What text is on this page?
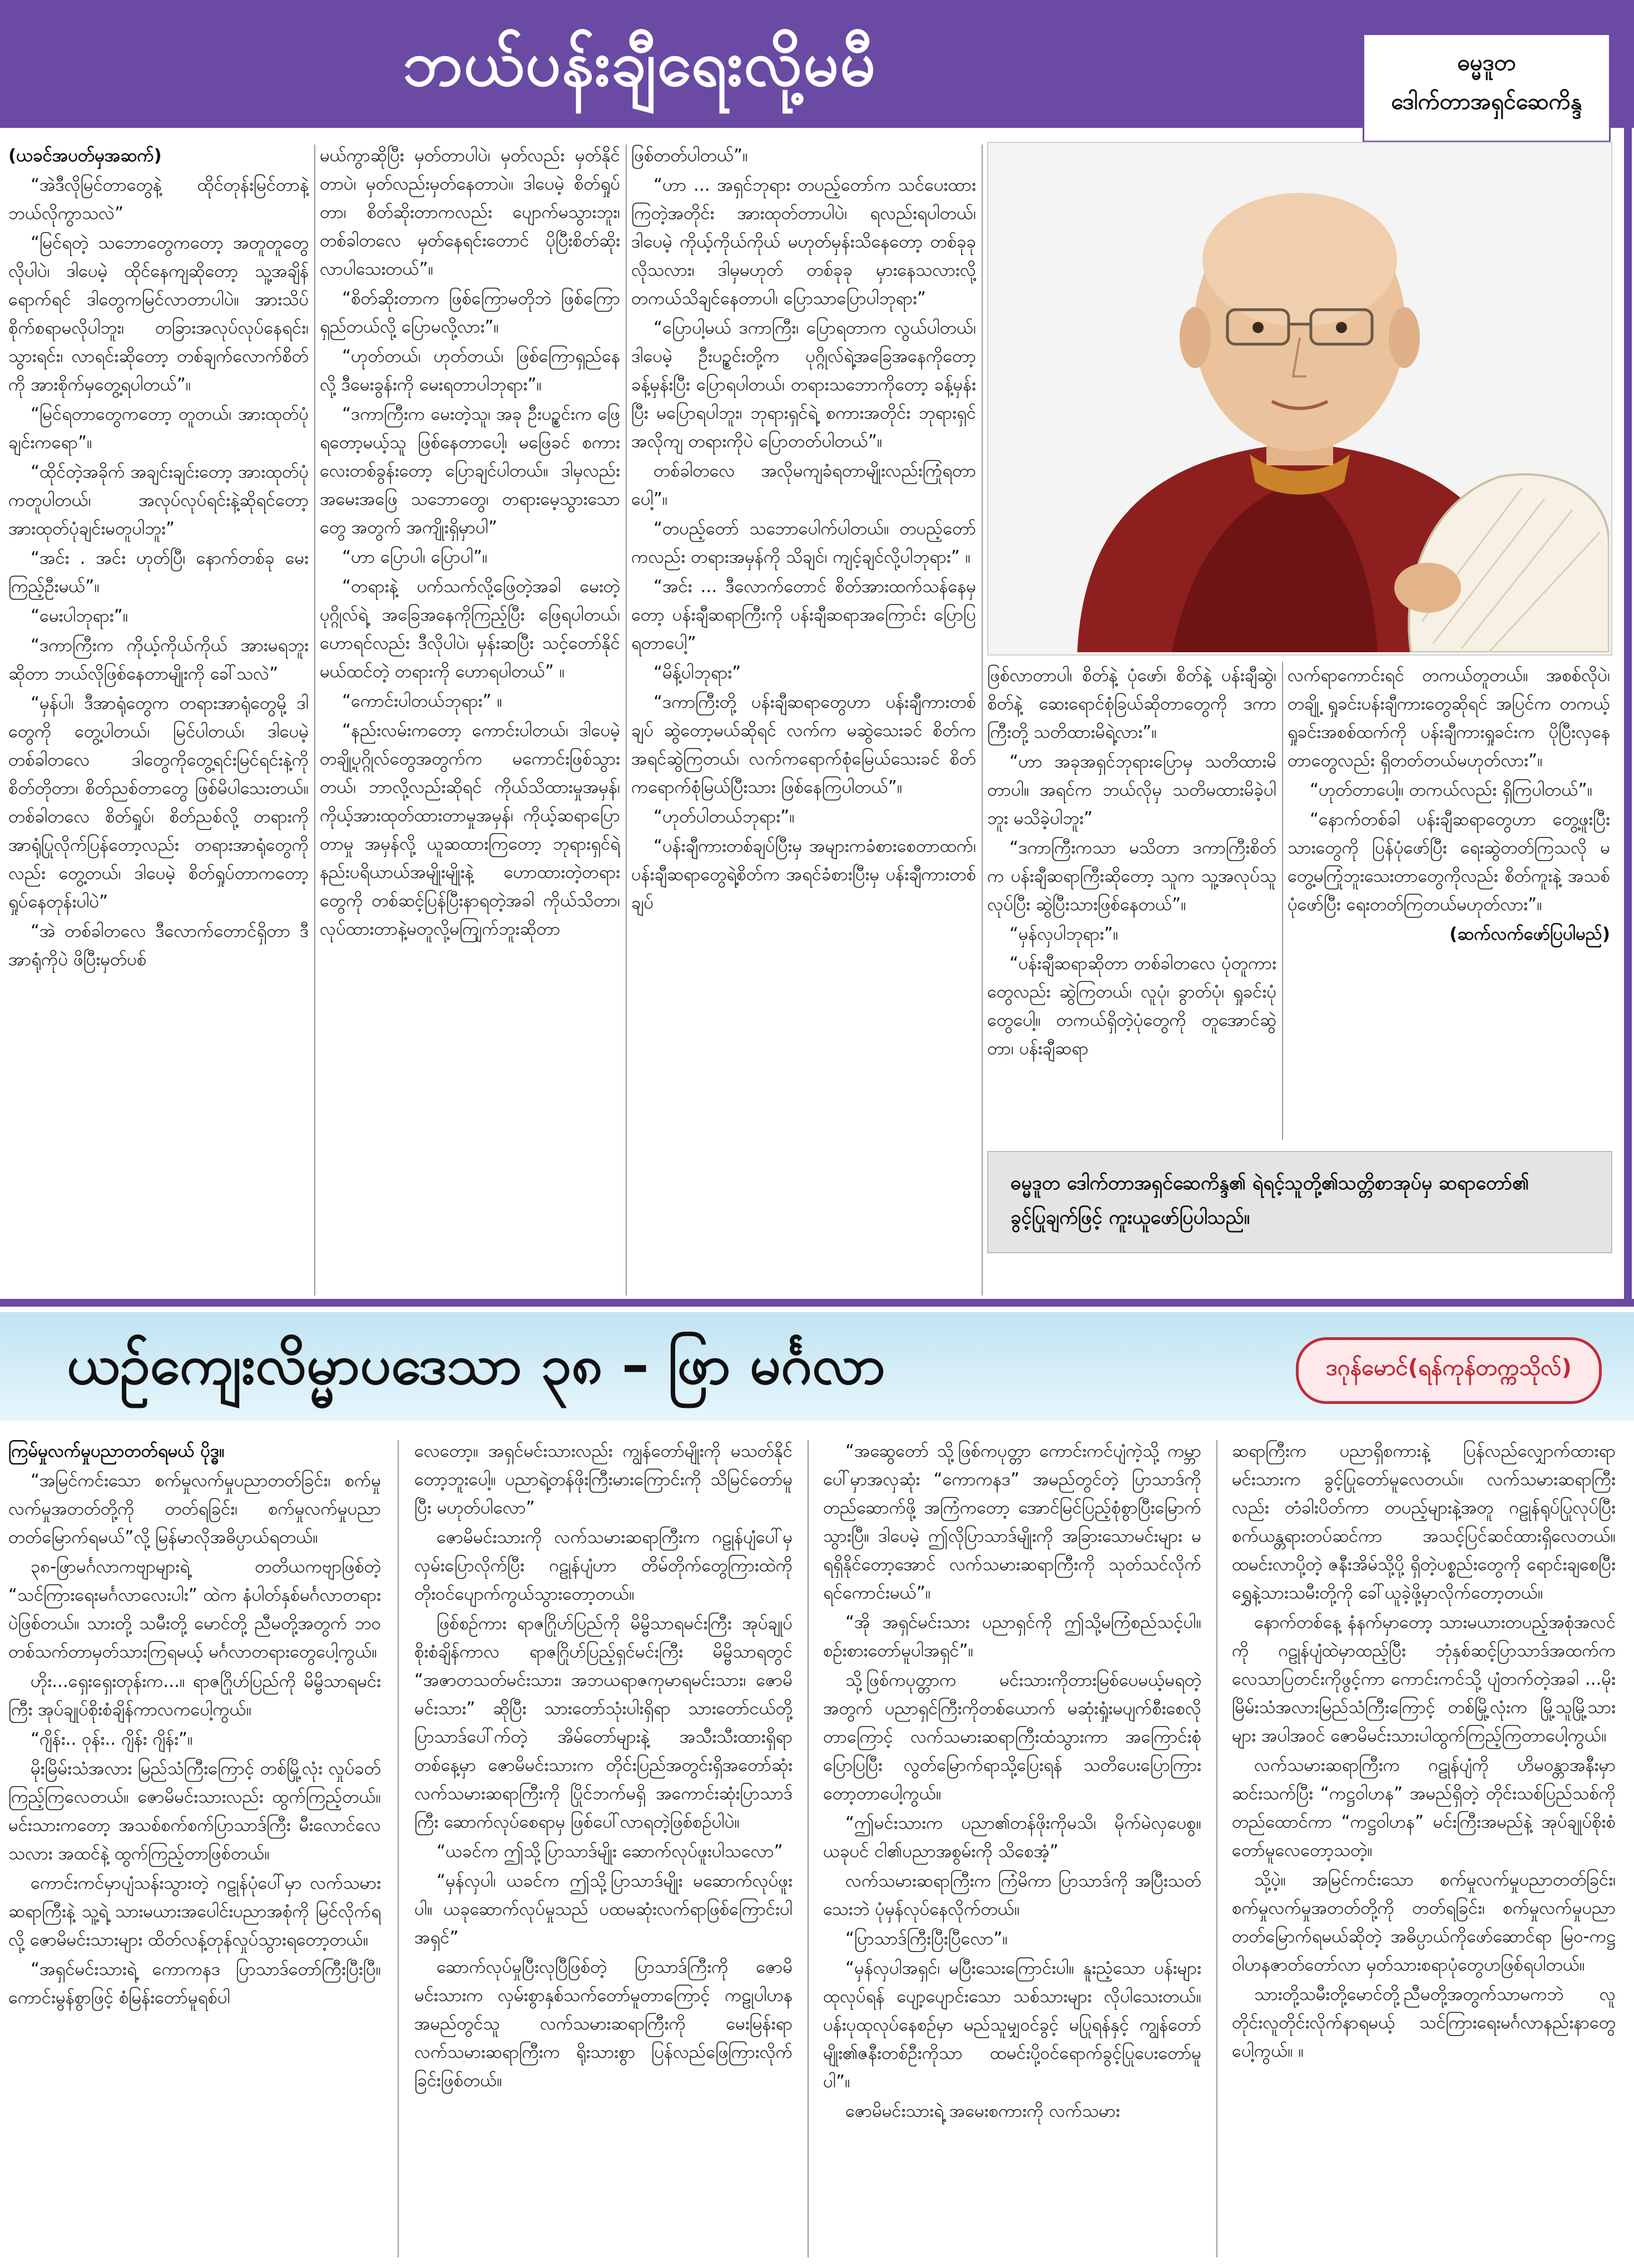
ဘယ်ပန်းချီရေးလို့မမီ	ဓမ္မဒူတ
ဒေါက်တာအရှင်ဆေကိန္ဒ

(ယခင်အပတ်မှအဆက်)

“အဲဒီလိုမြင်တာတွေနဲ့ ထိုင်တုန်းမြင်တာနဲ့ ဘယ်လိုကွာသလဲ”

“မြင်ရတဲ့ သဘောတွေကတော့ အတူတူတွေလိုပါပဲ၊ ဒါပေမဲ့ ထိုင်နေကျဆိုတော့ သူ့အချိန်ရောက်ရင် ဒါတွေကမြင်လာတာပါပဲ။ အားသိပ်စိုက်စရာမလိုပါဘူး၊ တခြားအလုပ်လုပ်နေရင်း၊ သွားရင်း၊ လာရင်းဆိုတော့ တစ်ချက်လောက်စိတ်ကို အားစိုက်မှတွေ့ရပါတယ်”။

“မြင်ရတာတွေကတော့ တူတယ်၊ အားထုတ်ပုံချင်းကရော”။

“ထိုင်တဲ့အခိုက် အချင်းချင်းတော့ အားထုတ်ပုံကတူပါတယ်၊ အလုပ်လုပ်ရင်းနဲ့ဆိုရင်တော့ အားထုတ်ပုံချင်းမတူပါဘူး”

“အင်း . အင်း ဟုတ်ပြီ၊ နောက်တစ်ခု မေးကြည့်ဦးမယ်”။

“မေးပါဘုရား”။

“ဒကာကြီးက ကိုယ့်ကိုယ်ကိုယ် အားမရဘူးဆိုတာ ဘယ်လိုဖြစ်နေတာမျိုးကို ခေါ်သလဲ”

“မှန်ပါ၊ ဒီအာရုံတွေက တရားအာရုံတွေမို့ ဒါတွေကို တွေ့ပါတယ်၊ မြင်ပါတယ်၊ ဒါပေမဲ့ တစ်ခါတလေ ဒါတွေကိုတွေ့ရင်းမြင်ရင်းနဲ့ကို စိတ်တိုတာ၊ စိတ်ညစ်တာတွေ ဖြစ်မိပါသေးတယ်။ တစ်ခါတလေ စိတ်ရှုပ်၊ စိတ်ညစ်လို့ တရားကို အာရုံပြုလိုက်ပြန်တော့လည်း တရားအာရုံတွေကိုလည်း တွေ့တယ်၊ ဒါပေမဲ့ စိတ်ရှုပ်တာကတော့ ရှုပ်နေတုန်းပါပဲ”

“အဲ တစ်ခါတလေ ဒီလောက်တောင်ရှိတာ ဒီအာရုံကိုပဲ ဖိပြီးမှတ်ပစ်

မယ်ကွာဆိုပြီး မှတ်တာပါပဲ၊ မှတ်လည်း မှတ်နိုင်တာပဲ၊ မှတ်လည်းမှတ်နေတာပဲ။ ဒါပေမဲ့ စိတ်ရှုပ်တာ၊ စိတ်ဆိုးတာကလည်း ပျောက်မသွားဘူး၊ တစ်ခါတလေ မှတ်နေရင်းတောင် ပိုပြီးစိတ်ဆိုးလာပါသေးတယ်”။

“စိတ်ဆိုးတာက ဖြစ်ကြောမတိုဘဲ ဖြစ်ကြောရှည်တယ်လို့ ပြောမလို့လား”။

“ဟုတ်တယ်၊ ဟုတ်တယ်၊ ဖြစ်ကြောရှည်နေလို့ ဒီမေးခွန်းကို မေးရတာပါဘုရား”။

“ဒကာကြီးက မေးတဲ့သူ၊ အခု ဦးပဉ္စင်းက ဖြေရတော့မယ့်သူ ဖြစ်နေတာပေါ့၊ မဖြေခင် စကားလေးတစ်ခွန်းတော့ ပြောချင်ပါတယ်။ ဒါမှလည်း အမေးအဖြေ သဘောတွေ၊ တရားမေ့သွားသောတွေ အတွက် အကျိုးရှိမှာပါ”

“ဟာ ပြောပါ၊ ပြောပါ”။

“တရားနဲ့ ပက်သက်လို့ဖြေတဲ့အခါ မေးတဲ့ပုဂ္ဂိုလ်ရဲ့ အခြေအနေကိုကြည့်ပြီး ဖြေရပါတယ်၊ ဟောရင်လည်း ဒီလိုပါပဲ၊ မှန်းဆပြီး သင့်တော်နိုင်မယ်ထင်တဲ့ တရားကို ဟောရပါတယ်” ။

“ကောင်းပါတယ်ဘုရား” ။

“နည်းလမ်းကတော့ ကောင်းပါတယ်၊ ဒါပေမဲ့ တချို့ပုဂ္ဂိုလ်တွေအတွက်က မကောင်းဖြစ်သွားတယ်၊ ဘာလို့လည်းဆိုရင် ကိုယ်သိထားမှုအမှန်၊ ကိုယ့်အားထုတ်ထားတာမှုအမှန်၊ ကိုယ့်ဆရာပြောတာမှု အမှန်လို့ ယူဆထားကြတော့ ဘုရားရှင်ရဲ့ နည်းပရိယာယ်အမျိုးမျိုးနဲ့ ဟောထားတဲ့တရားတွေကို တစ်ဆင့်ပြန်ပြီးနာရတဲ့အခါ ကိုယ်သိတာ၊ လုပ်ထားတာနဲ့မတူလို့မကျြက်ဘူးဆိုတာ

ဖြစ်တတ်ပါတယ်”။

“ဟာ ... အရှင်ဘုရား တပည့်တော်က သင်ပေးထားကြတဲ့အတိုင်း အားထုတ်တာပါပဲ၊ ရလည်းရပါတယ်၊ ဒါပေမဲ့ ကိုယ့်ကိုယ်ကိုယ် မဟုတ်မှန်းသိနေတော့ တစ်ခုခုလိုသလား၊ ဒါမှမဟုတ် တစ်ခုခု မှားနေသလားလို့ တကယ်သိချင်နေတာပါ၊ ပြောသာပြောပါဘုရား”

“ပြောပါ့မယ် ဒကာကြီး၊ ပြောရတာက လွယ်ပါတယ်၊ ဒါပေမဲ့ ဦးပဉ္စင်းတို့က ပုဂ္ဂိုလ်ရဲ့အခြေအနေကိုတော့ ခန့်မှန်းပြီး ပြောရပါတယ်၊ တရားသဘောကိုတော့ ခန့်မှန်းပြီး မပြောရပါဘူး၊ ဘုရားရှင်ရဲ့ စကားအတိုင်း ဘုရားရှင်အလိုကျ တရားကိုပဲ ပြောတတ်ပါတယ်”။

တစ်ခါတလေ အလိုမကျခံရတာမျိုးလည်းကြုံရတာပေါ့”။

“တပည့်တော် သဘောပေါက်ပါတယ်။ တပည့်တော်ကလည်း တရားအမှန်ကို သိချင်၊ ကျင့်ချင်လို့ပါဘုရား” ။

“အင်း ... ဒီလောက်တောင် စိတ်အားထက်သန်နေမှတော့ ပန်းချီဆရာကြီးကို ပန်းချီဆရာအကြောင်း ပြောပြရတာပေါ့”

“မိန့်ပါဘုရား”

“ဒကာကြီးတို့ ပန်းချီဆရာတွေဟာ ပန်းချီကားတစ်ချပ် ဆွဲတော့မယ်ဆိုရင် လက်က မဆွဲသေးခင် စိတ်က အရင်ဆွဲကြတယ်၊ လက်ကရောက်စုံမြေယ်သေးခင် စိတ်ကရောက်စုံမြယ်ပြီးသား ဖြစ်နေကြပါတယ်”။

“ဟုတ်ပါတယ်ဘုရား”။

“ပန်းချီကားတစ်ချပ်ပြီးမှ အများကခံစားစေတာထက်၊ ပန်းချီဆရာတွေရဲ့စိတ်က အရင်ခံစားပြီးမှ ပန်းချီကားတစ်ချပ်

ဖြစ်လာတာပါ၊ စိတ်နဲ့ ပုံဖော်၊ စိတ်နဲ့ ပန်းချီဆွဲ၊ စိတ်နဲ့ ဆေးရောင်စုံခြယ်ဆိုတာတွေကို ဒကာကြီးတို့ သတိထားမိရဲ့လား”။

“ဟာ အခုအရှင်ဘုရားပြောမှ သတိထားမိတာပါ။ အရင်က ဘယ်လိုမှ သတိမထားမိခဲ့ပါဘူး မသိခဲ့ပါဘူး”

“ဒကာကြီးကသာ မသိတာ ဒကာကြီးစိတ်က ပန်းချီဆရာကြီးဆိုတော့ သူက သူ့အလုပ်သူလုပ်ပြီး ဆွဲပြီးသားဖြစ်နေတယ်”။

“မှန်လှပါဘုရား”။

“ပန်းချီဆရာဆိုတာ တစ်ခါတလေ ပုံတူကားတွေလည်း ဆွဲကြတယ်၊ လူပုံ၊ ခွာတ်ပုံ၊ ရှုခင်းပုံတွေပေါ့။ တကယ်ရှိတဲ့ပုံတွေကို တူအောင်ဆွဲတာ၊ ပန်းချီဆရာ

လက်ရာကောင်းရင် တကယ်တူတယ်။ အစစ်လိုပဲ၊ တချို့ ရှုခင်းပန်းချီကားတွေဆိုရင် အပြင်က တကယ့်ရှုခင်းအစစ်ထက်ကို ပန်းချီကားရှုခင်းက ပိုပြီးလှနေတာတွေလည်း ရှိတတ်တယ်မဟုတ်လား”။

“ဟုတ်တာပေါ့။ တကယ်လည်း ရှိကြပါတယ်”။

“နောက်တစ်ခါ ပန်းချီဆရာတွေဟာ တွေ့ဖူးပြီးသားတွေကို ပြန်ပုံဖော်ပြီး ရေးဆွဲတတ်ကြသလို မတွေ့မကြုံဘူးသေးတာတွေကိုလည်း စိတ်ကူးနဲ့ အသစ်ပုံဖော်ပြီး ရေးတတ်ကြတယ်မဟုတ်လား”။

(ဆက်လက်ဖော်ပြပါမည်)

ဓမ္မဒူတ ဒေါက်တာအရှင်ဆေကိန္ဒ၏ ရဲရင့်သူတို့၏သတ္တိစာအုပ်မှ ဆရာတော်၏ ခွင့်ပြုချက်ဖြင့် ကူးယူဖော်ပြပါသည်။
ယဉ်ကျေးလိမ္မာပဒေသာ ၃၈ – ဖြာ မင်္ဂလာ	ဒဂုန်မောင်(ရန်ကုန်တက္ကသိုလ်)

ကြမ်မှုလက်မှုပညာတတ်ရမယ် ပိုဒ္ဓ။

“အမြင်ကင်းသော စက်မှုလက်မှုပညာတတ်ခြင်း၊ စက်မှုလက်မှုအတတ်တို့ကို တတ်ရခြင်း၊ စက်မှုလက်မှုပညာတတ်မြောက်ရမယ်”လို့ မြန်မာလိုအဓိပ္ပာယ်ရတယ်။

၃၈-ဖြာမင်္ဂလာကဗျာများရဲ့ တတိယကဗျာဖြစ်တဲ့ “သင်ကြားရေးမင်္ဂလာလေးပါး” ထဲက နံပါတ်နှစ်မင်္ဂလာတရားပဲဖြစ်တယ်။ သားတို့ သမီးတို့ မောင်တို့ ညီမတို့အတွက် ဘဝတစ်သက်တာမှတ်သားကြရမယ့် မင်္ဂလာတရားတွေပေါ့ကွယ်။

ဟိုး...ရှေးရှေးတုန်းက...။ ရာဇဂြိုဟ်ပြည်ကို မိမ္ဗိသာရမင်းကြီး အုပ်ချုပ်စိုးစံချိန်ကာလကပေါ့ကွယ်။

“ဂျိန်း.. ဝုန်း.. ဂျိန်း ဂျိန်း”။

မိုးမြိမ်းသံအလား မြည်သံကြီးကြောင့် တစ်မြို့လုံး လှုပ်ခတ်ကြည့်ကြလေတယ်။ ဇောမိမင်းသားလည်း ထွက်ကြည့်တယ်။ မင်းသားကတော့ အသစ်စက်စက်ပြာသာဒ်ကြီး မီးလောင်လေသလား အထင်နဲ့ ထွက်ကြည့်တာဖြစ်တယ်။

ကောင်းကင်မှာပျံသန်းသွားတဲ့ ဂဠုန်ပုံပေါ်မှာ လက်သမားဆရာကြီးနဲ့ သူ့ရဲ့ သားမယားအပေါင်းပညာအစုံကို မြင်လိုက်ရလို့ ဇောမိမင်းသားများ ထိတ်လန့်တုန်လှုပ်သွားရတော့တယ်။

“အရှင်မင်းသားရဲ့ ကောကနဒ ပြာသာဒ်တော်ကြီးပြီးပြီ။ ကောင်းမွန်စွာဖြင့် စံမြန်းတော်မူရစ်ပါ

လေတော့။ အရှင်မင်းသားလည်း ကျွန်တော်မျိုးကို မသတ်နိုင်တော့ဘူးပေါ့။ ပညာရဲ့တန်ဖိုးကြီးမားကြောင်းကို သိမြင်တော်မူပြီး မဟုတ်ပါလော”

ဇောမိမင်းသားကို လက်သမားဆရာကြီးက ဂဠုန်ပျံပေါ်မှ လှမ်းပြောလိုက်ပြီး ဂဠုန်ပျံဟာ တိမ်တိုက်တွေကြားထဲကို တိုးဝင်ပျောက်ကွယ်သွားတော့တယ်။

ဖြစ်စဉ်ကား ရာဇဂြိုဟ်ပြည်ကို မိမ္ဗိသာရမင်းကြီး အုပ်ချုပ်စိုးစံချိန်ကာလ ရာဇဂြိုဟ်ပြည့်ရှင်မင်းကြီး မိမ္ဗိသာရတွင် “အဇာတသတ်မင်းသား၊ အဘယရာဇကုမာရမင်းသား၊ ဇောမိမင်းသား” ဆိုပြီး သားတော်သုံးပါးရှိရာ သားတော်ငယ်တို့ ပြာသာဒ်ပေါ်က်တဲ့ အိမ်တော်များနဲ့ အသီးသီးထားရှိရာ တစ်နေ့မှာ ဇောမိမင်းသားက တိုင်းပြည်အတွင်းရှိအတော်ဆုံးလက်သမားဆရာကြီးကို ပြိုင်ဘက်မရှိ အကောင်းဆုံးပြာသာဒ်ကြီး ဆောက်လုပ်စေရာမှ ဖြစ်ပေါ်လာရတဲ့ဖြစ်စဉ်ပါပဲ။

“ယခင်က ဤသို့ပြာသာဒ်မျိုး ဆောက်လုပ်ဖူးပါသလော”

“မှန်လှပါ၊ ယခင်က ဤသို့ပြာသာဒ်မျိုး မဆောက်လုပ်ဖူးပါ။ ယခုဆောက်လုပ်မှုသည် ပထမဆုံးလက်ရာဖြစ်ကြောင်းပါအရှင်”

ဆောက်လုပ်မှုပြီးလုပြီဖြစ်တဲ့ ပြာသာဒ်ကြီးကို ဇောမိမင်းသားက လှမ်းစွာနှစ်သက်တော်မူတာကြောင့် ကဠုပါဟနအမည်တွင်သူ လက်သမားဆရာကြီးကို မေးမြန်းရာ လက်သမားဆရာကြီးက ရိုးသားစွာ ပြန်လည်ဖြေကြားလိုက်ခြင်းဖြစ်တယ်။

“အဆွေတော် သို့ဖြစ်ကပုတ္တာ ကောင်းကင်ပျံကဲ့သို့ ကမ္ဘာပေါ်မှာအလှဆုံး “ကောကနဒ” အမည်တွင်တဲ့ ပြာသာဒ်ကိုတည်ဆောက်ဖို့ အကြံကတော့ အောင်မြင်ပြည့်စုံစွာပြီးမြောက်သွားပြီ။ ဒါပေမဲ့ ဤလိုပြာသာဒ်မျိုးကို အခြားသောမင်းများ မရရှိနိုင်တော့အောင် လက်သမားဆရာကြီးကို သုတ်သင်လိုက်ရင်ကောင်းမယ်”။

“အို အရှင်မင်းသား ပညာရှင်ကို ဤသို့မကြံစည်သင့်ပါ။ စဉ်းစားတော်မူပါအရှင်”။

သို့ဖြစ်ကပုတ္တာက မင်းသားကိုတားမြစ်ပေမယ့်မရတဲ့အတွက် ပညာရှင်ကြီးကိုတစ်ယောက် မဆုံးရှုံးမပျက်စီးစေလိုတာကြောင့် လက်သမားဆရာကြီးထံသွားကာ အကြောင်းစုံပြောပြပြီး လွတ်မြောက်ရာသို့ပြေးရန် သတိပေးပြောကြားတော့တာပေါ့ကွယ်။

“ဤမင်းသားက ပညာ၏တန်ဖိုးကိုမသိ၊ မိုက်မဲလှပေစွ။ ယခုပင် ငါ၏ပညာအစွမ်းကို သိစေအံ့”

လက်သမားဆရာကြီးက ကြံမိကာ ပြာသာဒ်ကို အပြီးသတ်သေးဘဲ ပုံမှန်လုပ်နေလိုက်တယ်။

“ပြာသာဒ်ကြီးပြီးပြီလော”။

“မှန်လှပါအရှင်၊ မပြီးသေးကြောင်းပါ။ နူးညံ့သော ပန်းများထုလုပ်ရန် ပျော့ပျောင်းသော သစ်သားများ လိုပါသေးတယ်။ ပန်းပုထုလုပ်နေစဉ်မှာ မည်သူမျှဝင်ခွင့် မပြုရန်နှင့် ကျွန်တော်မျိုး၏ဇနီးတစ်ဦးကိုသာ ထမင်းပို့ဝင်ရောက်ခွင့်ပြုပေးတော်မူပါ”။

ဇောမိမင်းသားရဲ့ အမေးစကားကို လက်သမား

ဆရာကြီးက ပညာရှိစကားနဲ့ ပြန်လည်လျှောက်ထားရာ မင်းသားက ခွင့်ပြုတော်မူလေတယ်။ လက်သမားဆရာကြီးလည်း တံခါးပိတ်ကာ တပည့်များနဲ့အတူ ဂဠုန်ရုပ်ပြုလုပ်ပြီး စက်ယန္တရားတပ်ဆင်ကာ အသင့်ပြင်ဆင်ထားရှိလေတယ်။ ထမင်းလာပို့တဲ့ ဇနီးအိမ်သို့ပို့ ရှိတဲ့ပစ္စည်းတွေကို ရောင်းချစေပြီး ရွှေနဲ့သားသမီးတို့ကို ခေါ်ယူခဲ့ဖို့မှာလိုက်တော့တယ်။

နောက်တစ်နေ့ နံနက်မှာတော့ သားမယားတပည့်အစုံအလင်ကို ဂဠုန်ပျံထဲမှာထည့်ပြီး ဘုံနှစ်ဆင့်ပြာသာဒ်အထက်က လေသာပြတင်းကိုဖွင့်ကာ ကောင်းကင်သို့ ပျံတက်တဲ့အခါ ...မိုးမြိမ်းသံအလားမြည်သံကြီးကြောင့် တစ်မြို့လုံးက မြို့သူမြို့သားများ အပါအဝင် ဇောမိမင်းသားပါထွက်ကြည့်ကြတာပေါ့ကွယ်။

လက်သမားဆရာကြီးက ဂဠုန်ပျံကို ဟိမဝန္တာအနီးမှာ ဆင်းသက်ပြီး “ကဋ္ဌဝါဟန” အမည်ရှိတဲ့ တိုင်းသစ်ပြည်သစ်ကိုတည်ထောင်ကာ “ကဋ္ဌဝါဟန” မင်းကြီးအမည်နဲ့ အုပ်ချုပ်စိုးစံတော်မူလေတော့သတဲ့။

သို့ပဲ့။ အမြင်ကင်းသော စက်မှုလက်မှုပညာတတ်ခြင်း၊ စက်မှုလက်မှုအတတ်တို့ကို တတ်ရခြင်း၊ စက်မှုလက်မှုပညာ တတ်မြောက်ရမယ်ဆိုတဲ့ အဓိပ္ပာယ်ကိုဖော်ဆောင်ရာ မြဝ-ကဋ္ဌဝါဟနဇာတ်တော်လာ မှတ်သားစရာပုံတွေပာဖြစ်ရပါတယ်။

သားတို့သမီးတို့မောင်တို့ညီမတို့အတွက်သာမကဘဲ လူတိုင်းလူတိုင်းလိုက်နာရမယ့် သင်ကြားရေးမင်္ဂလာနည်းနာတွေပေါ့ကွယ်။ ။
